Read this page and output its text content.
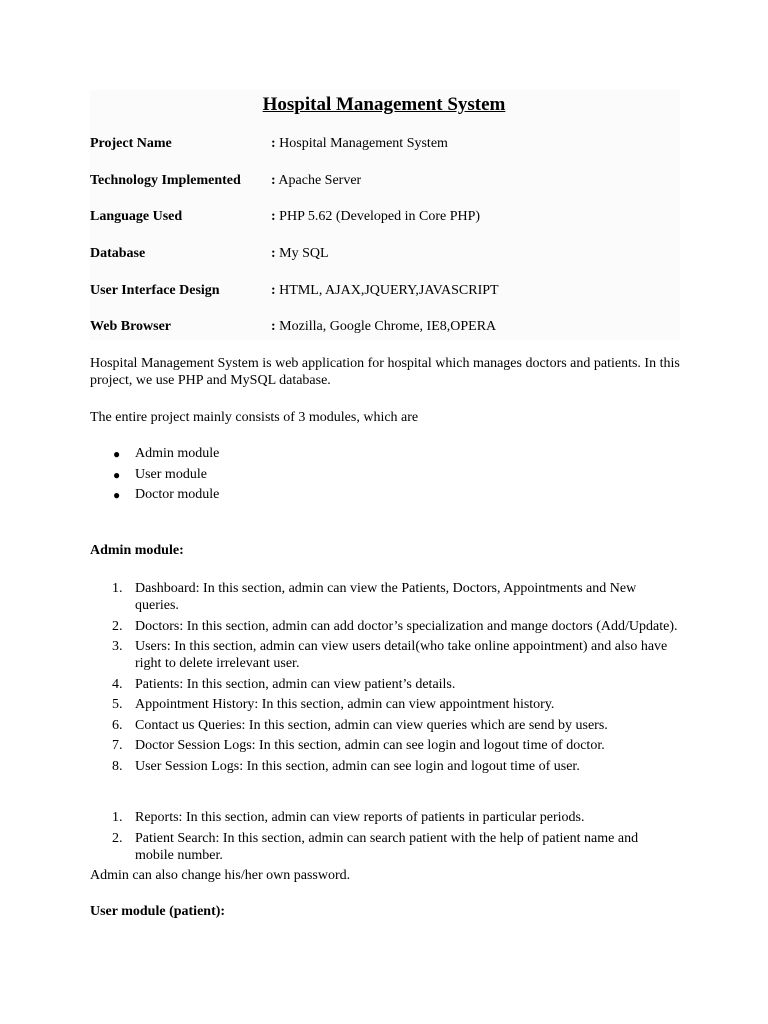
Hospital Management System
Project Name	: Hospital Management System
Technology Implemented : Apache Server
Language Used	: PHP 5.62 (Developed in Core PHP)
Database	: My SQL
User Interface Design	: HTML, AJAX,JQUERY,JAVASCRIPT
Web Browser	: Mozilla, Google Chrome, IE8,OPERA
Hospital Management System is web application for hospital which manages doctors and patients. In this project, we use PHP and MySQL database.
The entire project mainly consists of 3 modules, which are
● Admin module
● User module
● Doctor module
Admin module:
1. Dashboard: In this section, admin can view the Patients, Doctors, Appointments and New queries.
2. Doctors: In this section, admin can add doctor’s specialization and mange doctors (Add/Update).
3. Users: In this section, admin can view users detail(who take online appointment) and also have right to delete irrelevant user.
4. Patients: In this section, admin can view patient’s details.
5. Appointment History: In this section, admin can view appointment history.
6. Contact us Queries: In this section, admin can view queries which are send by users.
7. Doctor Session Logs: In this section, admin can see login and logout time of doctor.
8. User Session Logs: In this section, admin can see login and logout time of user.
1. Reports: In this section, admin can view reports of patients in particular periods.
2. Patient Search: In this section, admin can search patient with the help of patient name and mobile number.
Admin can also change his/her own password.
User module (patient):
